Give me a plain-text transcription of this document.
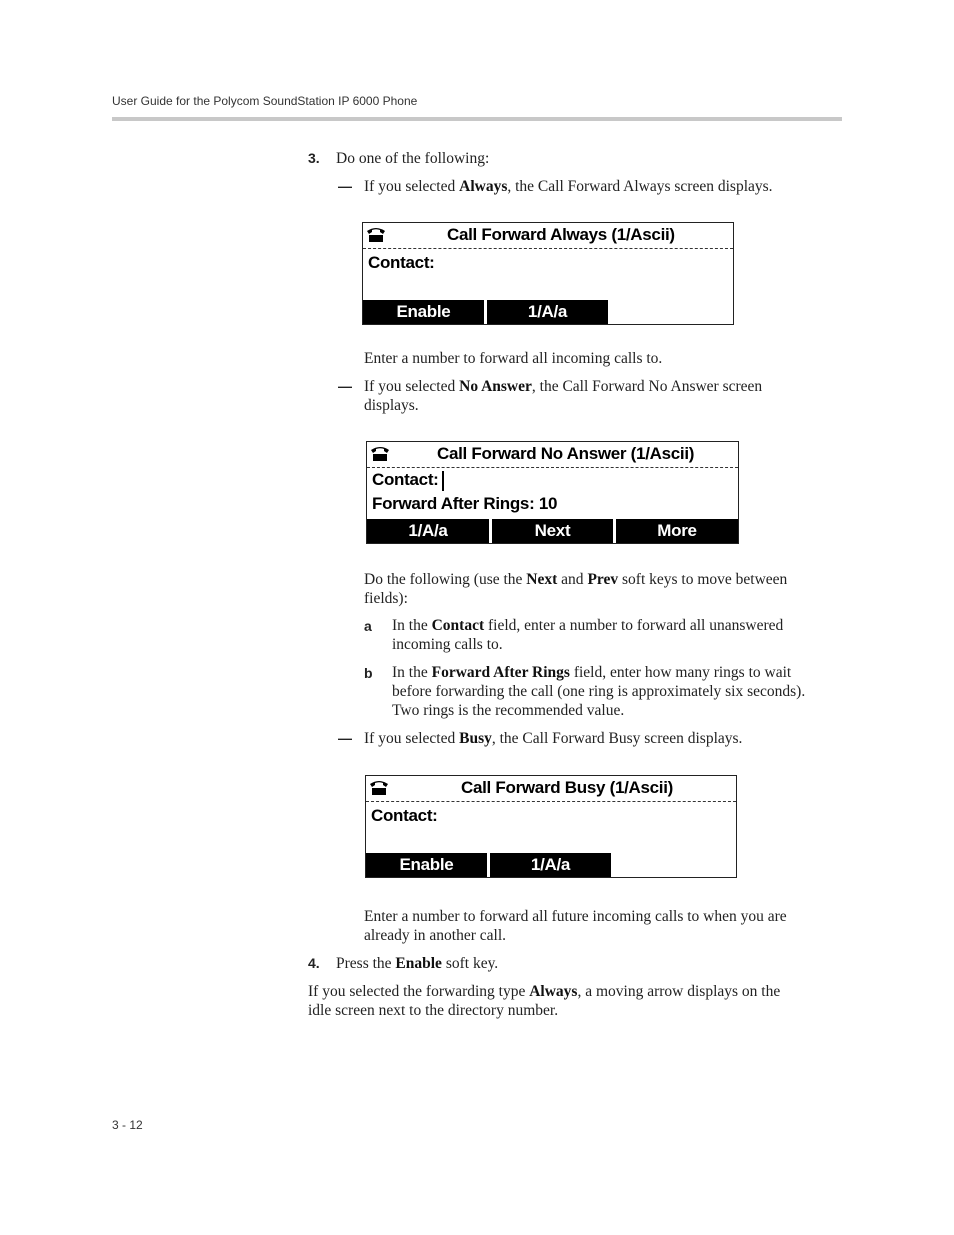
User Guide for the Polycom SoundStation IP 6000 Phone
3. Do one of the following:
— If you selected Always, the Call Forward Always screen displays.
Call Forward Always (1/Ascii)
Contact:
Enable	1/A/a
Enter a number to forward all incoming calls to.
— If you selected No Answer, the Call Forward No Answer screen
displays.
Call Forward No Answer (1/Ascii)
Contact:
Forward After Rings: 10
1/A/a	Next	More
Do the following (use the Next and Prev soft keys to move between
fields):
a In the Contact field, enter a number to forward all unanswered
incoming calls to.
b In the Forward After Rings field, enter how many rings to wait
before forwarding the call (one ring is approximately six seconds).
Two rings is the recommended value.
— If you selected Busy, the Call Forward Busy screen displays.
Call Forward Busy (1/Ascii)
Contact:
Enable	1/A/a
Enter a number to forward all future incoming calls to when you are
already in another call.
4. Press the Enable soft key.
If you selected the forwarding type Always, a moving arrow displays on the
idle screen next to the directory number.
3 - 12
